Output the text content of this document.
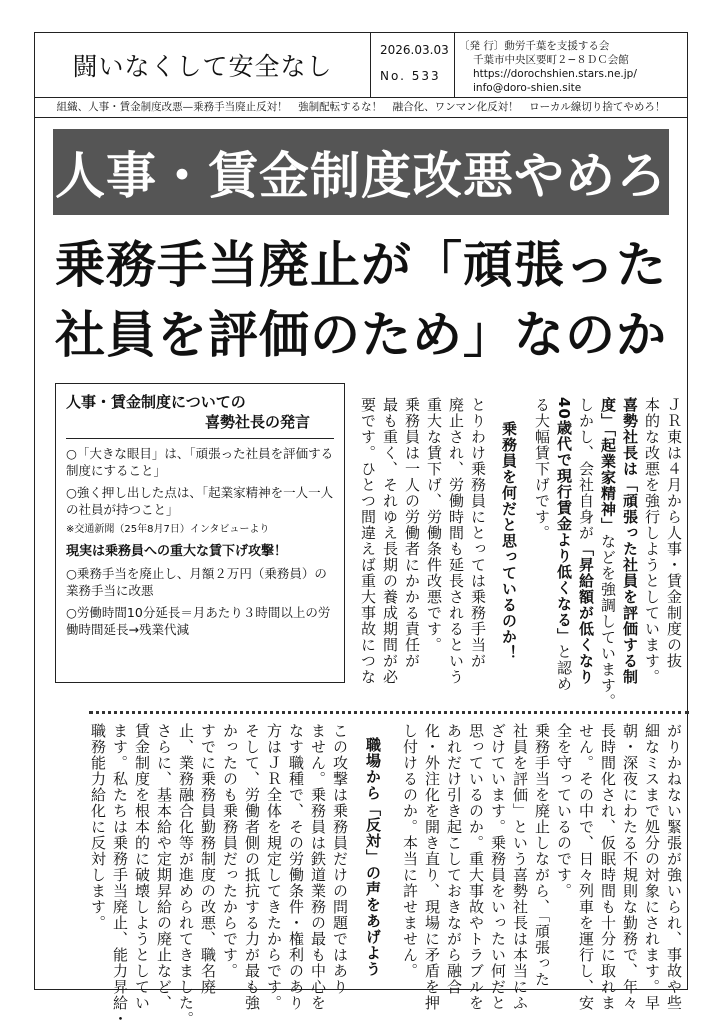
闘いなくして安全なし
2026.03.03
No. 533
〔発 行〕動労千葉を支援する会
千葉市中央区要町２−８ＤＣ会館
https://dorochshien.stars.ne.jp/
info@doro-shien.site
組織、人事・賃金制度改悪—乗務手当廃止反対！　強制配転するな！　融合化、ワンマン化反対！　ローカル線切り捨てやめろ！
人事・賃金制度改悪やめろ
乗務手当廃止が「頑張った
社員を評価のため」なのか
人事・賃金制度についての
喜勢社長の発言
○「大きな眼目」は、「頑張った社員を評価する制度にすること」
○強く押し出した点は、「起業家精神を一人一人の社員が持つこと」
※交通新聞（25年8月7日）インタビューより
現実は乗務員への重大な賃下げ攻撃！
○乗務手当を廃止し、月額２万円（乗務員）の業務手当に改悪
○労働時間10分延長＝月あたり３時間以上の労働時間延長→残業代減	ＪＲ東は４月から人事・賃金制度の抜
本的な改悪を強行しようとしています。
喜勢社長は「頑張った社員を評価する制
度」「起業家精神」などを強調しています。
しかし、会社自身が「昇給額が低くなり
40歳代で現行賃金より低くなる」と認め
る大幅賃下げです。
乗務員を何だと思っているのか！
とりわけ乗務員にとっては乗務手当が
廃止され、労働時間も延長されるという
重大な賃下げ、労働条件改悪です。
乗務員は一人の労働者にかかる責任が
最も重く、それゆえ長期の養成期間が必
要です。ひとつ間違えば重大事故につな
がりかねない緊張が強いられ、事故や些
細なミスまで処分の対象にされます。早
朝・深夜にわたる不規則な勤務で、年々
長時間化され、仮眠時間も十分に取れま
せん。その中で、日々列車を運行し、安
全を守っているのです。
乗務手当を廃止しながら、「頑張った
社員を評価」という喜勢社長は本当にふ
ざけています。乗務員をいったい何だと
思っているのか。重大事故やトラブルを
あれだけ引き起こしておきながら融合
化・外注化を開き直り、現場に矛盾を押
し付けるのか。本当に許せません。
職場から「反対」の声をあげよう
この攻撃は乗務員だけの問題ではあり
ません。乗務員は鉄道業務の最も中心を
なす職種で、その労働条件・権利のあり
方はＪＲ全体を規定してきたからです。
そして、労働者側の抵抗する力が最も強
かったのも乗務員だったからです。
すでに乗務員勤務制度の改悪、職名廃
止、業務融合化等が進められてきました。
さらに、基本給や定期昇給の廃止など、
賃金制度を根本的に破壊しようとしてい
ます。私たちは乗務手当廃止、能力昇給・
職務能力給化に反対します。
